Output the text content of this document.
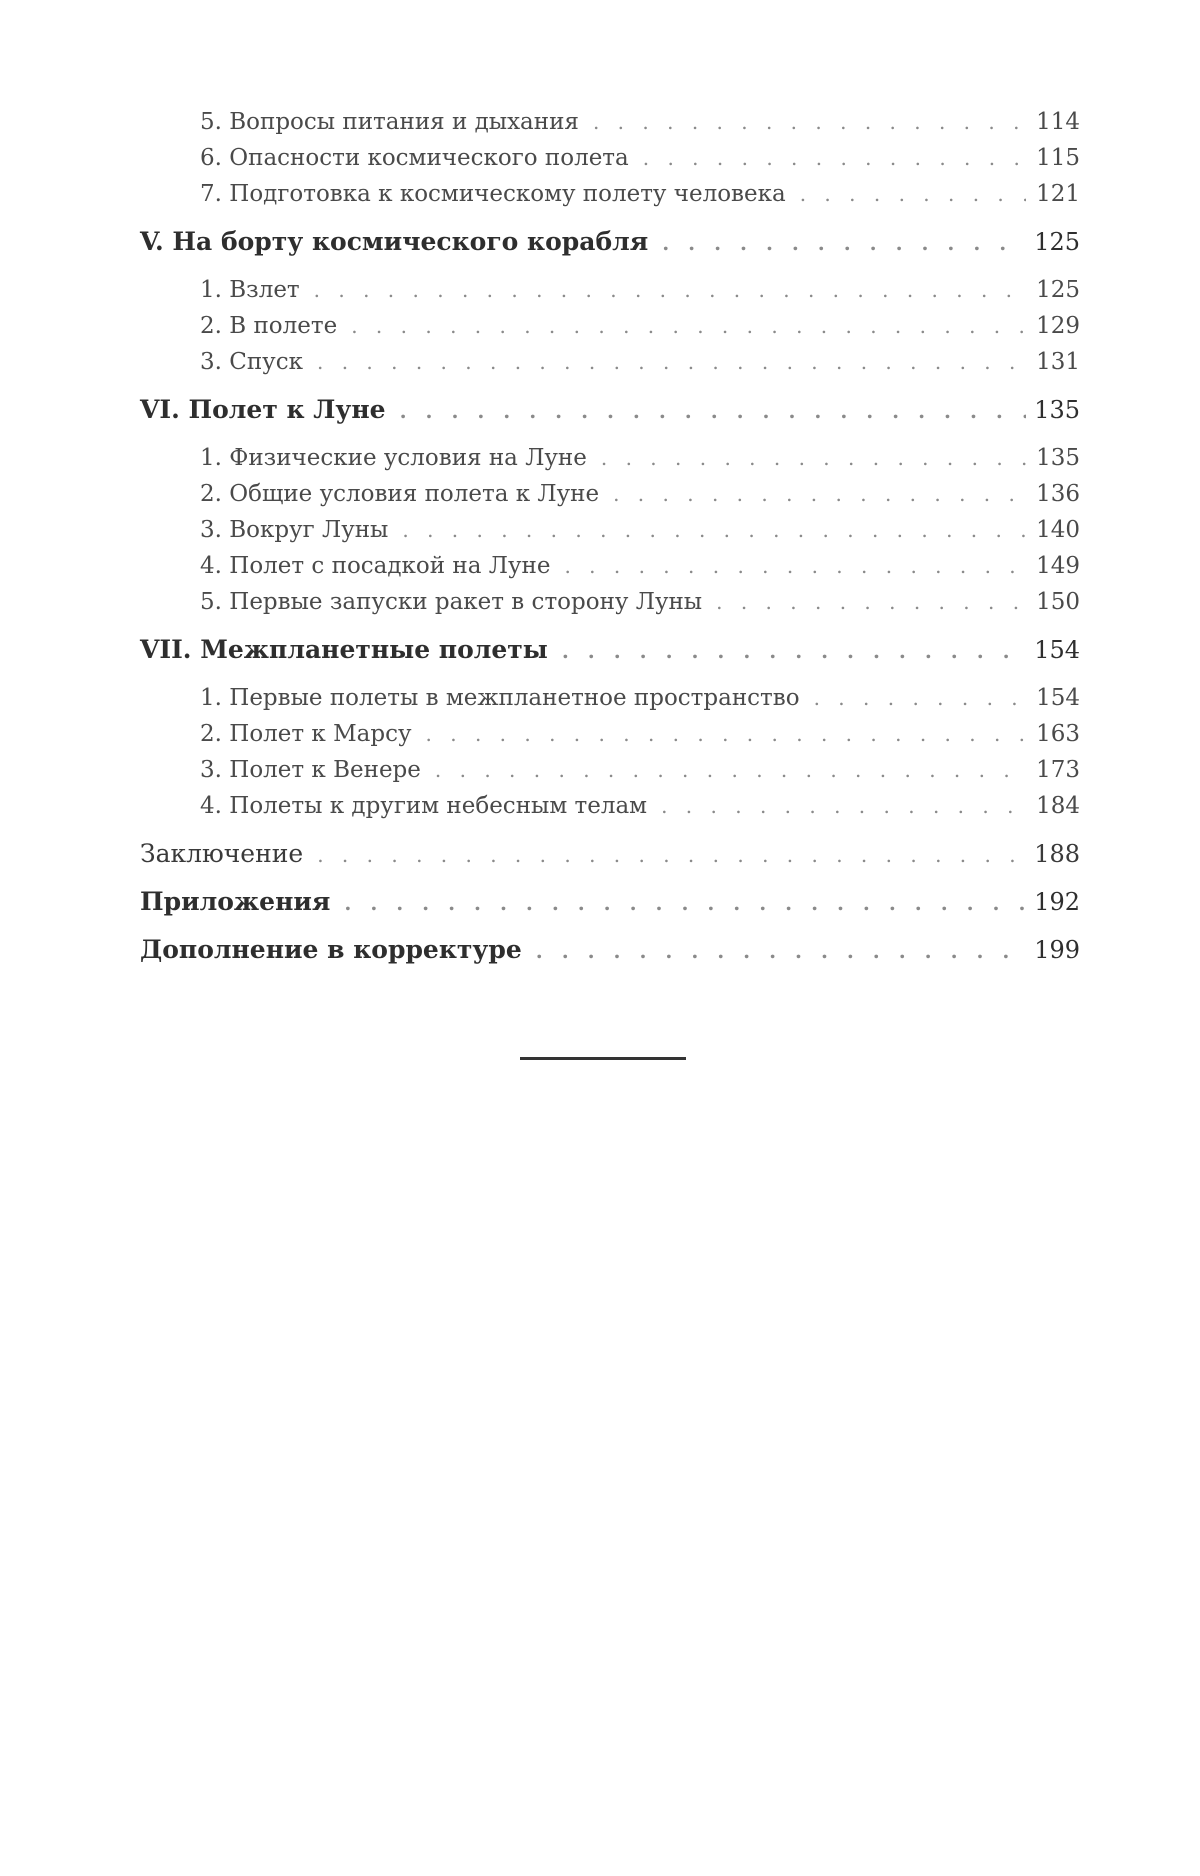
5. Вопросы питания и дыхания . . .	114
6. Опасности космического полета . . .	115
7. Подготовка к космическому полету человека . . .	121
V. На борту космического корабля . . .	125
1. Взлет . . .	125
2. В полете . . .	129
3. Спуск . . .	131
VI. Полет к Луне . . .	135
1. Физические условия на Луне . . .	135
2. Общие условия полета к Луне . . .	136
3. Вокруг Луны . . .	140
4. Полет с посадкой на Луне . . .	149
5. Первые запуски ракет в сторону Луны . . .	150
VII. Межпланетные полеты . . .	154
1. Первые полеты в межпланетное пространство . . .	154
2. Полет к Марсу . . .	163
3. Полет к Венере . . .	173
4. Полеты к другим небесным телам . . .	184
Заключение . . .	188
Приложения . . .	192
Дополнение в корректуре . . .	199
